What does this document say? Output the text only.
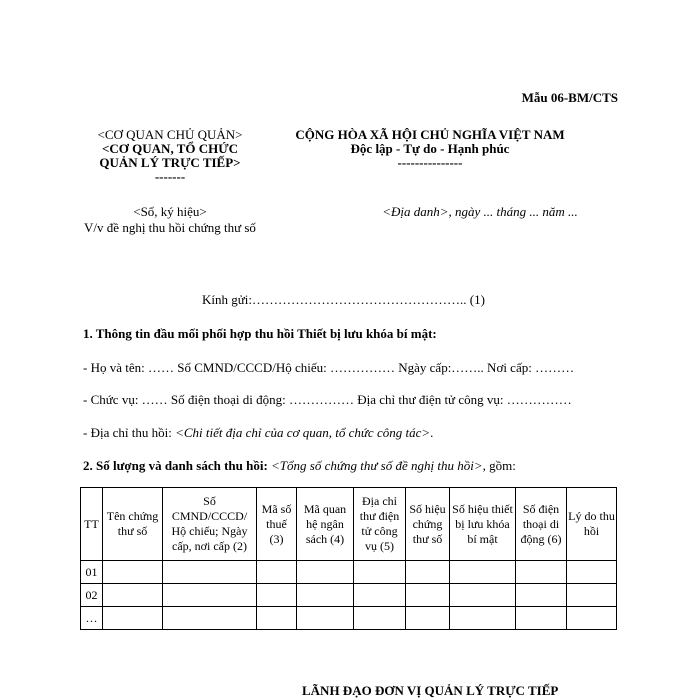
Mẫu 06-BM/CTS
<CƠ QUAN CHỦ QUẢN>
<CƠ QUAN, TỔ CHỨC
QUẢN LÝ TRỰC TIẾP>
-------
CỘNG HÒA XÃ HỘI CHỦ NGHĨA VIỆT NAM
Độc lập - Tự do - Hạnh phúc
---------------
<Số, ký hiệu>
V/v đề nghị thu hồi chứng thư số
<Địa danh>, ngày ... tháng ... năm ...
Kính gửi:………………………………………….. (1)
1. Thông tin đầu mối phối hợp thu hồi Thiết bị lưu khóa bí mật:
- Họ và tên: …… Số CMND/CCCD/Hộ chiếu: …………… Ngày cấp:…….. Nơi cấp: ………
- Chức vụ: …… Số điện thoại di động: …………… Địa chỉ thư điện tử công vụ: ……………
- Địa chỉ thu hồi: <Chi tiết địa chỉ của cơ quan, tổ chức công tác>.
2. Số lượng và danh sách thu hồi: <Tổng số chứng thư số đề nghị thu hồi>, gồm:
TT	Tên chứng thư số	Số CMND/CCCD/ Hộ chiếu; Ngày cấp, nơi cấp (2)	Mã số thuế (3)	Mã quan hệ ngân sách (4)	Địa chỉ thư điện tử công vụ (5)	Số hiệu chứng thư số	Số hiệu thiết bị lưu khóa bí mật	Số điện thoại di động (6)	Lý do thu hồi
01									
02									
…									
LÃNH ĐẠO ĐƠN VỊ QUẢN LÝ TRỰC TIẾP
